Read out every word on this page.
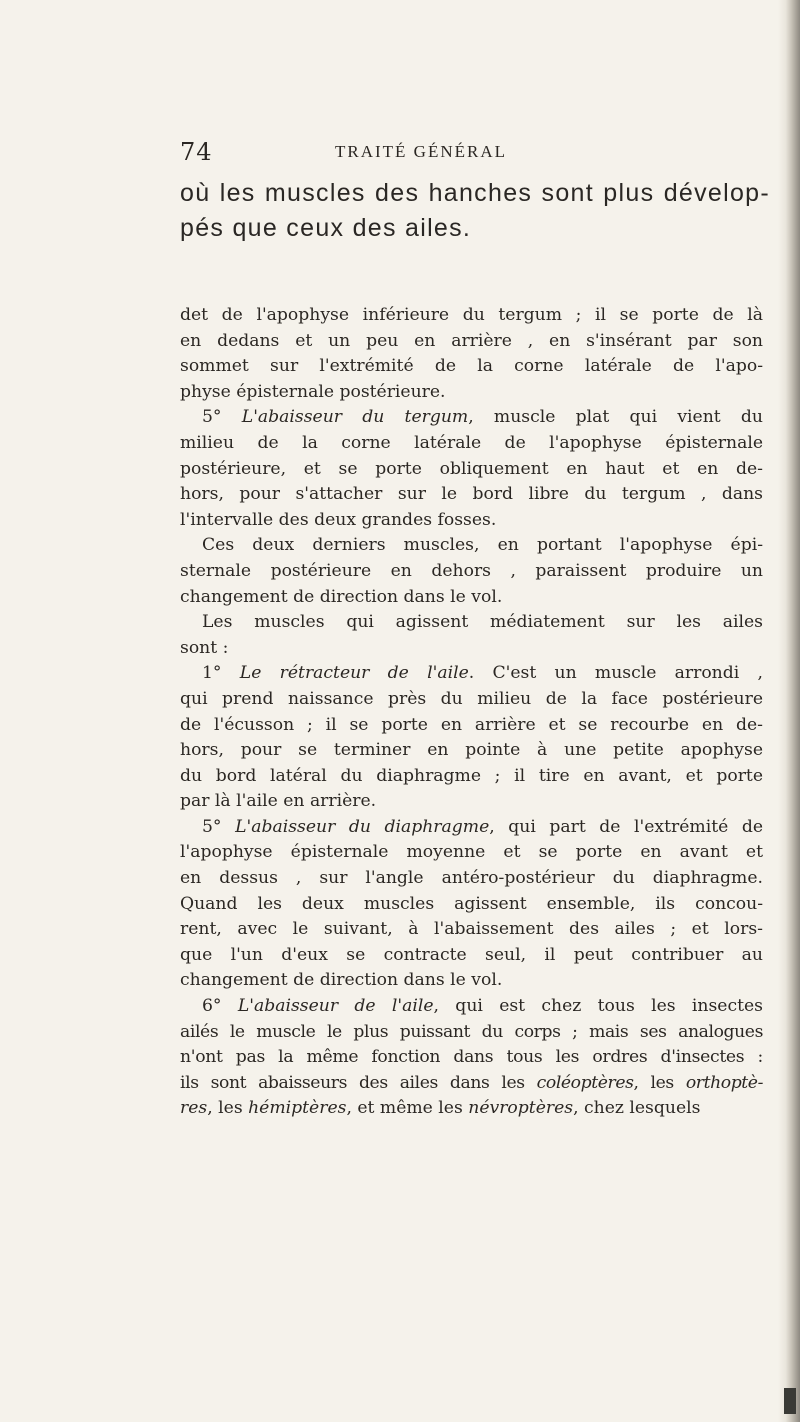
74	TRAITÉ GÉNÉRAL

où les muscles des hanches sont plus dévelop-
pés que ceux des ailes.

det de l'apophyse inférieure du tergum ; il se porte de là
en dedans et un peu en arrière , en s'insérant par son
sommet sur l'extrémité de la corne latérale de l'apo-
physe épisternale postérieure.

5° L'abaisseur du tergum, muscle plat qui vient du
milieu de la corne latérale de l'apophyse épisternale
postérieure, et se porte obliquement en haut et en de-
hors, pour s'attacher sur le bord libre du tergum , dans
l'intervalle des deux grandes fosses.

Ces deux derniers muscles, en portant l'apophyse épi-
sternale postérieure en dehors , paraissent produire un
changement de direction dans le vol.

Les muscles qui agissent médiatement sur les ailes
sont :

1° Le rétracteur de l'aile. C'est un muscle arrondi ,
qui prend naissance près du milieu de la face postérieure
de l'écusson ; il se porte en arrière et se recourbe en de-
hors, pour se terminer en pointe à une petite apophyse
du bord latéral du diaphragme ; il tire en avant, et porte
par là l'aile en arrière.

5° L'abaisseur du diaphragme, qui part de l'extrémité de
l'apophyse épisternale moyenne et se porte en avant et
en dessus , sur l'angle antéro-postérieur du diaphragme.
Quand les deux muscles agissent ensemble, ils concou-
rent, avec le suivant, à l'abaissement des ailes ; et lors-
que l'un d'eux se contracte seul, il peut contribuer au
changement de direction dans le vol.

6° L'abaisseur de l'aile, qui est chez tous les insectes
ailés le muscle le plus puissant du corps ; mais ses analogues
n'ont pas la même fonction dans tous les ordres d'insectes :
ils sont abaisseurs des ailes dans les coléoptères, les orthoptè-
res, les hémiptères, et même les névroptères, chez lesquels
